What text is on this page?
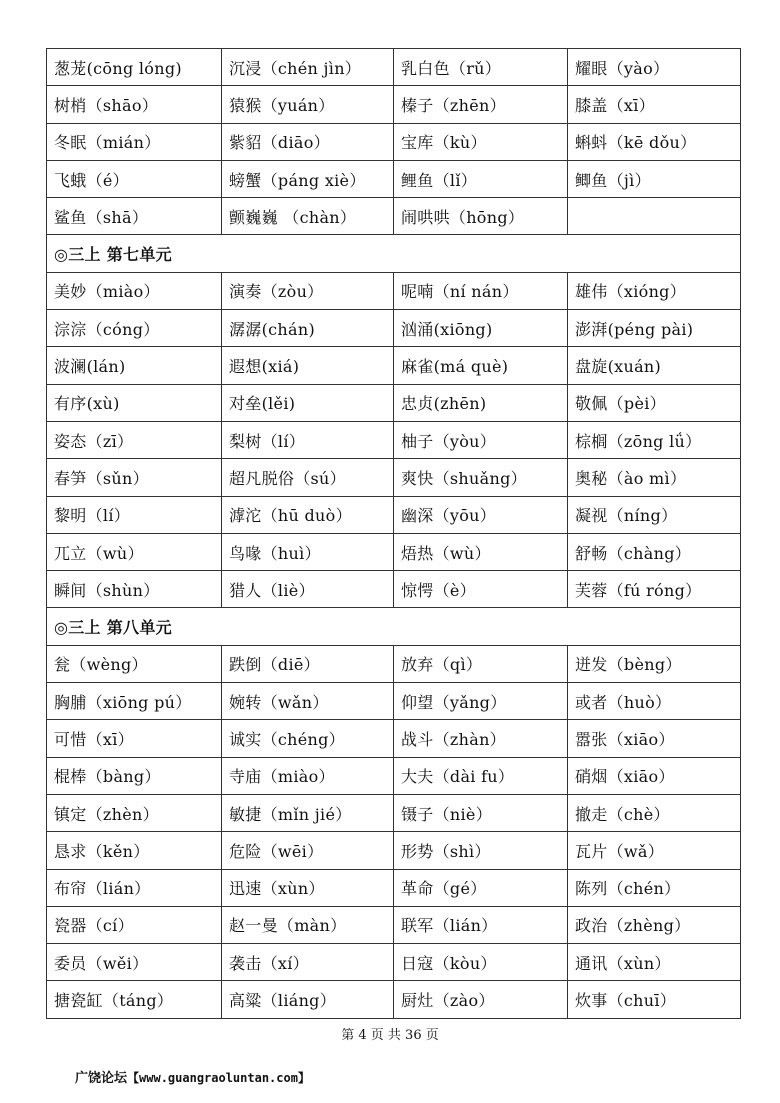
葱茏(cōng lóng)	沉浸（chén jìn）	乳白色（rǔ）	耀眼（yào）
树梢（shāo）	猿猴（yuán）	榛子（zhēn）	膝盖（xī）
冬眠（mián）	紫貂（diāo）	宝库（kù）	蝌蚪（kē dǒu）
飞蛾（é）	螃蟹（páng xiè）	鲤鱼（lǐ）	鲫鱼（jì）
鲨鱼（shā）	颤巍巍 （chàn）	闹哄哄（hōng）	
◎三上 第七单元			
美妙（miào）	演奏（zòu）	呢喃（ní nán）	雄伟（xióng）
淙淙（cóng）	潺潺(chán)	汹涌(xiōng)	澎湃(péng pài)
波澜(lán)	遐想(xiá)	麻雀(má què)	盘旋(xuán)
有序(xù)	对垒(lěi)	忠贞(zhēn)	敬佩（pèi）
姿态（zī）	梨树（lí）	柚子（yòu）	棕榈（zōng lǘ）
春笋（sǔn）	超凡脱俗（sú）	爽快（shuǎng）	奥秘（ào mì）
黎明（lí）	滹沱（hū duò）	幽深（yōu）	凝视（níng）
兀立（wù）	鸟喙（huì）	焐热（wù）	舒畅（chàng）
瞬间（shùn）	猎人（liè）	惊愕（è）	芙蓉（fú róng）
◎三上 第八单元			
瓮（wèng）	跌倒（diē）	放弃（qì）	迸发（bèng）
胸脯（xiōng pú）	婉转（wǎn）	仰望（yǎng）	或者（huò）
可惜（xī）	诚实（chéng）	战斗（zhàn）	嚣张（xiāo）
棍棒（bàng）	寺庙（miào）	大夫（dài fu）	硝烟（xiāo）
镇定（zhèn）	敏捷（mǐn jié）	镊子（niè）	撤走（chè）
恳求（kěn）	危险（wēi）	形势（shì）	瓦片（wǎ）
布帘（lián）	迅速（xùn）	革命（gé）	陈列（chén）
瓷器（cí）	赵一曼（màn）	联军（lián）	政治（zhèng）
委员（wěi）	袭击（xí）	日寇（kòu）	通讯（xùn）
搪瓷缸（táng）	高粱（liáng）	厨灶（zào）	炊事（chuī）
第 4 页 共 36 页
广饶论坛【www.guangraoluntan.com】
